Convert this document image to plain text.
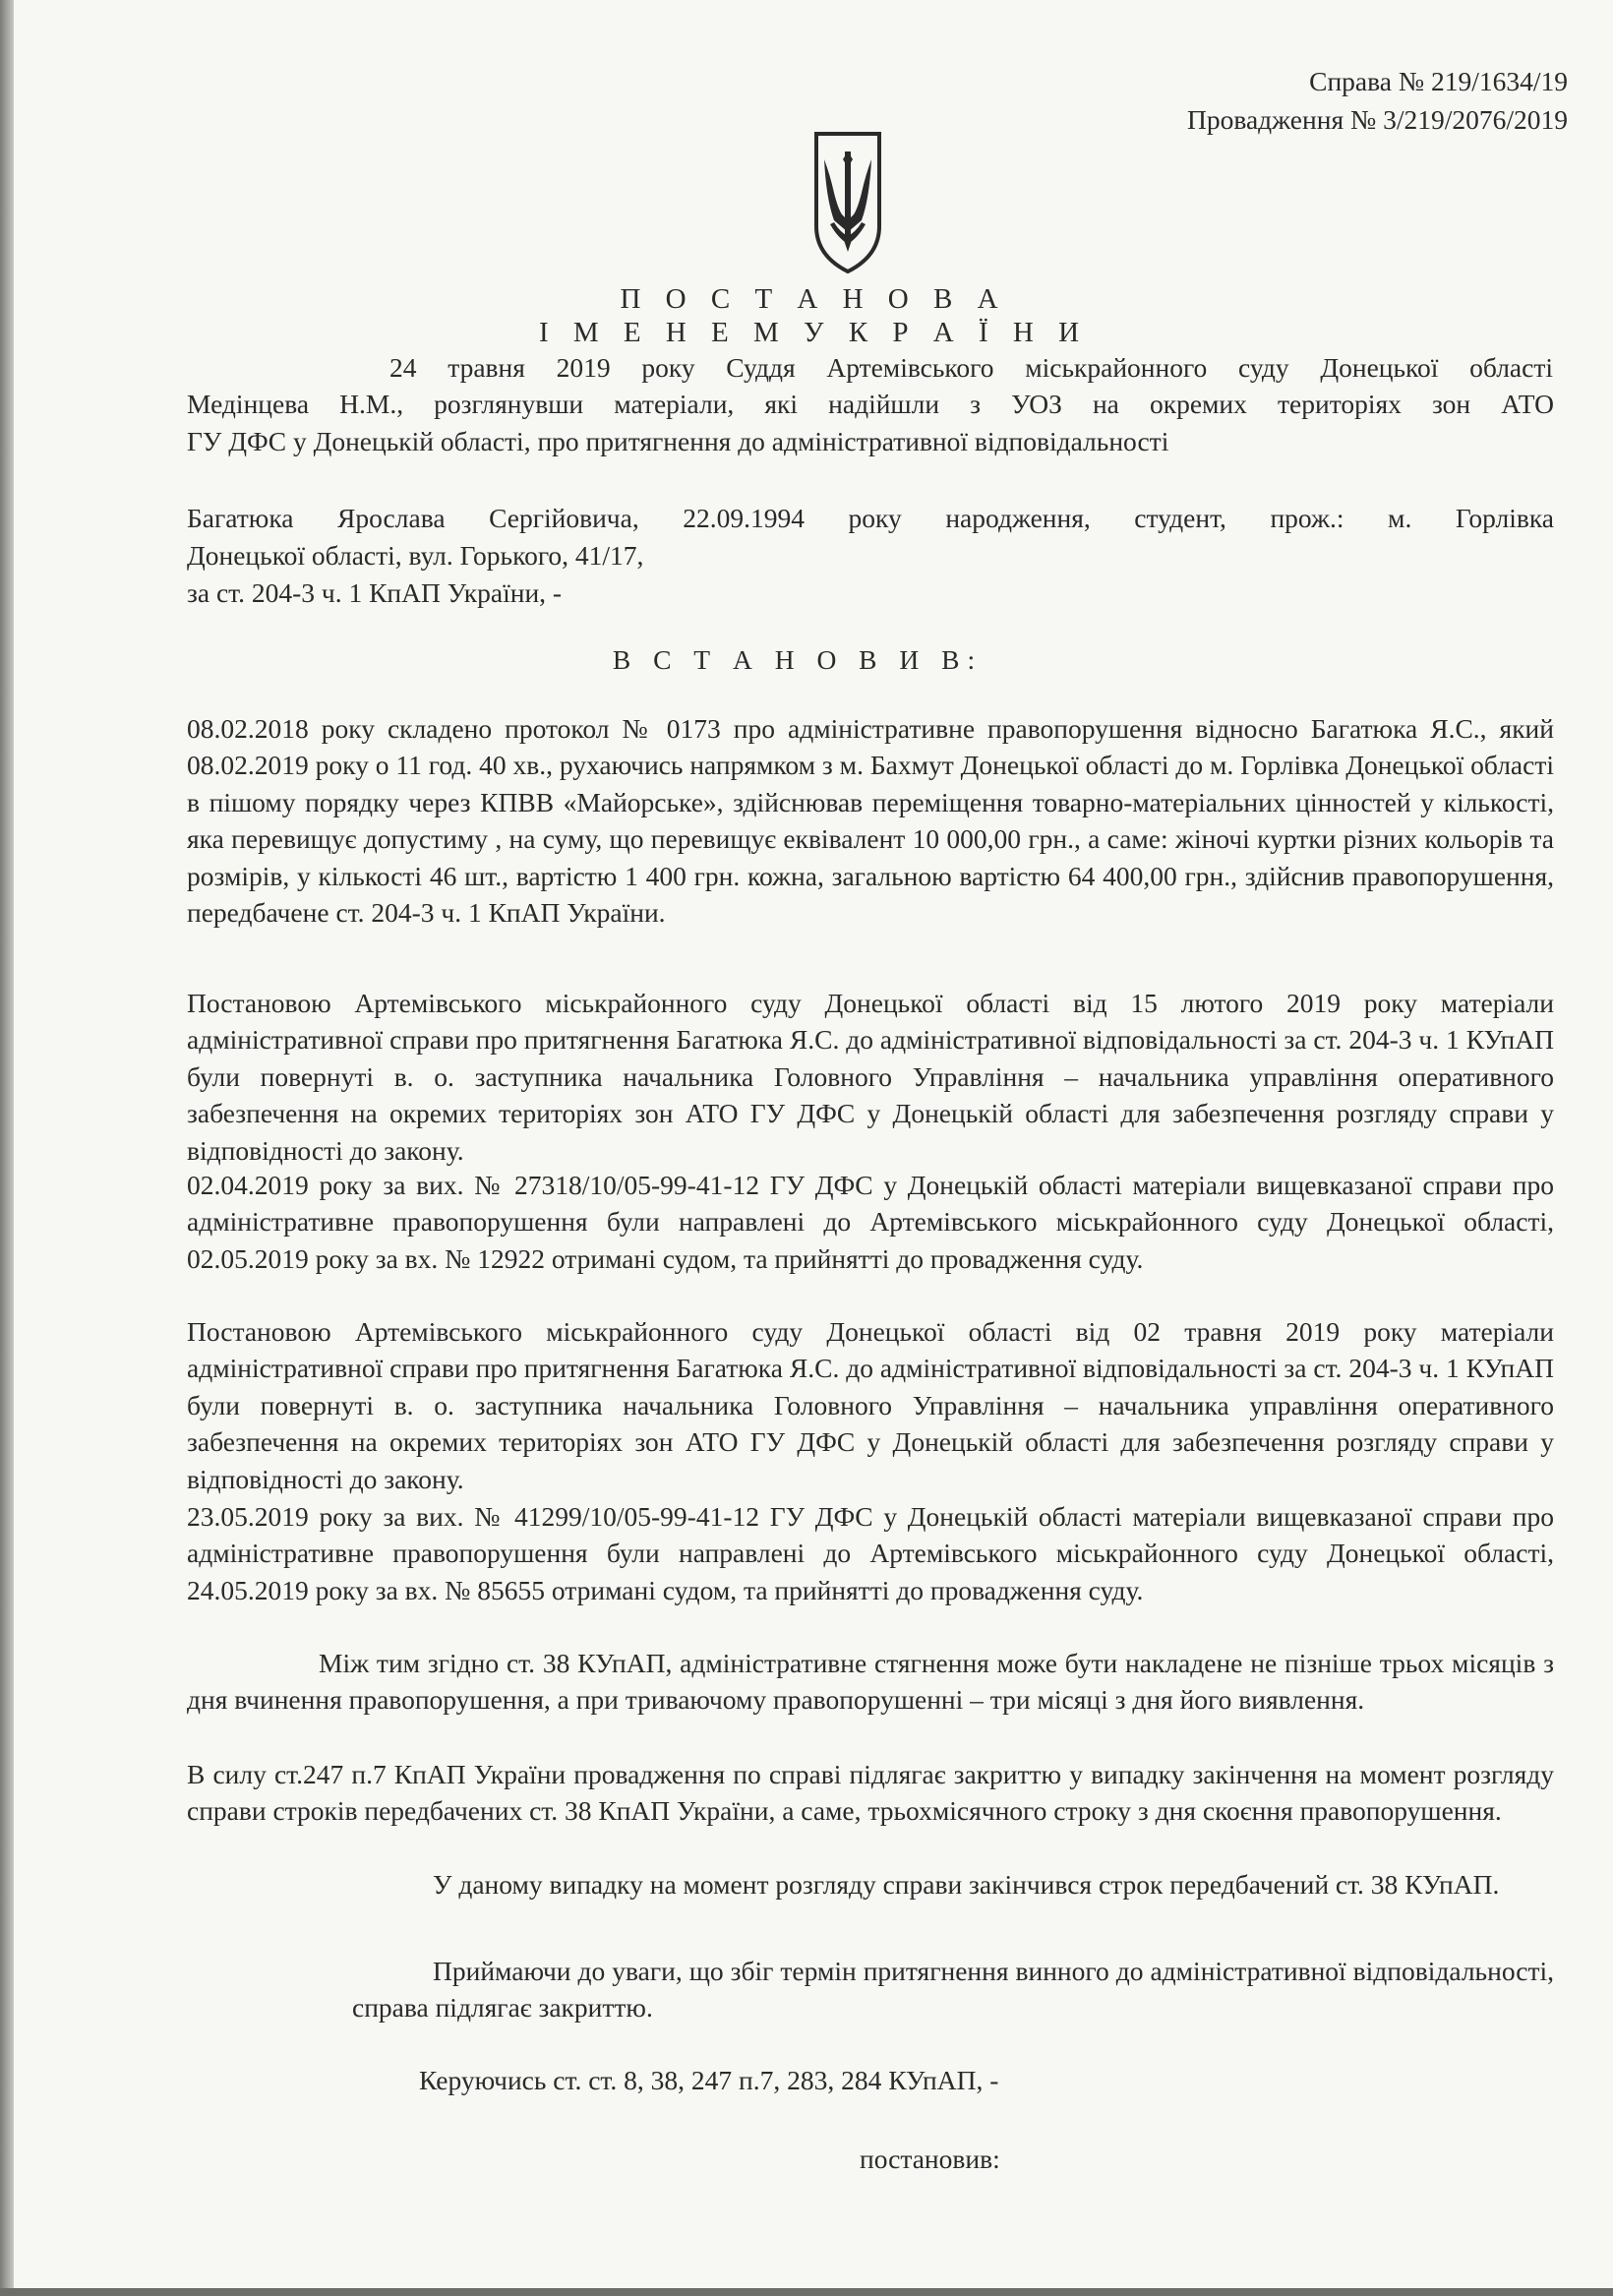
Справа № 219/1634/19
Провадження № 3/219/2076/2019
П О С Т А Н О В А
І М Е Н Е М У К Р А Ї Н И
24 травня 2019 року Суддя Артемівського міськрайонного суду Донецької області
Медінцева Н.М., розглянувши матеріали, які надійшли з УОЗ на окремих територіях зон АТО
ГУ ДФС у Донецькій області, про притягнення до адміністративної відповідальності
Багатюка Ярослава Сергійовича, 22.09.1994 року народження, студент, прож.: м. Горлівка
Донецької області, вул. Горького, 41/17,
за ст. 204-3 ч. 1 КпАП України, -
В С Т А Н О В И В:
08.02.2018 року складено протокол № 0173 про адміністративне правопорушення відносно Багатюка Я.С., який 08.02.2019 року о 11 год. 40 хв., рухаючись напрямком з м. Бахмут Донецької області до м. Горлівка Донецької області в пішому порядку через КПВВ «Майорське», здійснював переміщення товарно-матеріальних цінностей у кількості, яка перевищує допустиму , на суму, що перевищує еквівалент 10 000,00 грн., а саме: жіночі куртки різних кольорів та розмірів, у кількості 46 шт., вартістю 1 400 грн. кожна, загальною вартістю 64 400,00 грн., здійснив правопорушення, передбачене ст. 204-3 ч. 1 КпАП України.
Постановою Артемівського міськрайонного суду Донецької області від 15 лютого 2019 року матеріали адміністративної справи про притягнення Багатюка Я.С. до адміністративної відповідальності за ст. 204-3 ч. 1 КУпАП були повернуті в. о. заступника начальника Головного Управління – начальника управління оперативного забезпечення на окремих територіях зон АТО ГУ ДФС у Донецькій області для забезпечення розгляду справи у відповідності до закону.
02.04.2019 року за вих. № 27318/10/05-99-41-12 ГУ ДФС у Донецькій області матеріали вищевказаної справи про адміністративне правопорушення були направлені до Артемівського міськрайонного суду Донецької області, 02.05.2019 року за вх. № 12922 отримані судом, та прийнятті до провадження суду.
Постановою Артемівського міськрайонного суду Донецької області від 02 травня 2019 року матеріали адміністративної справи про притягнення Багатюка Я.С. до адміністративної відповідальності за ст. 204-3 ч. 1 КУпАП були повернуті в. о. заступника начальника Головного Управління – начальника управління оперативного забезпечення на окремих територіях зон АТО ГУ ДФС у Донецькій області для забезпечення розгляду справи у відповідності до закону.
23.05.2019 року за вих. № 41299/10/05-99-41-12 ГУ ДФС у Донецькій області матеріали вищевказаної справи про адміністративне правопорушення були направлені до Артемівського міськрайонного суду Донецької області, 24.05.2019 року за вх. № 85655 отримані судом, та прийнятті до провадження суду.
Між тим згідно ст. 38 КУпАП, адміністративне стягнення може бути накладене не пізніше трьох місяців з дня вчинення правопорушення, а при триваючому правопорушенні – три місяці з дня його виявлення.
В силу ст.247 п.7 КпАП України провадження по справі підлягає закриттю у випадку закінчення на момент розгляду справи строків передбачених ст. 38 КпАП України, а саме, трьохмісячного строку з дня скоєння правопорушення.
У даному випадку на момент розгляду справи закінчився строк передбачений ст. 38 КУпАП.
Приймаючи до уваги, що збіг термін притягнення винного до адміністративної відповідальності, справа підлягає закриттю.
Керуючись ст. ст. 8, 38, 247 п.7, 283, 284 КУпАП, -
постановив:
